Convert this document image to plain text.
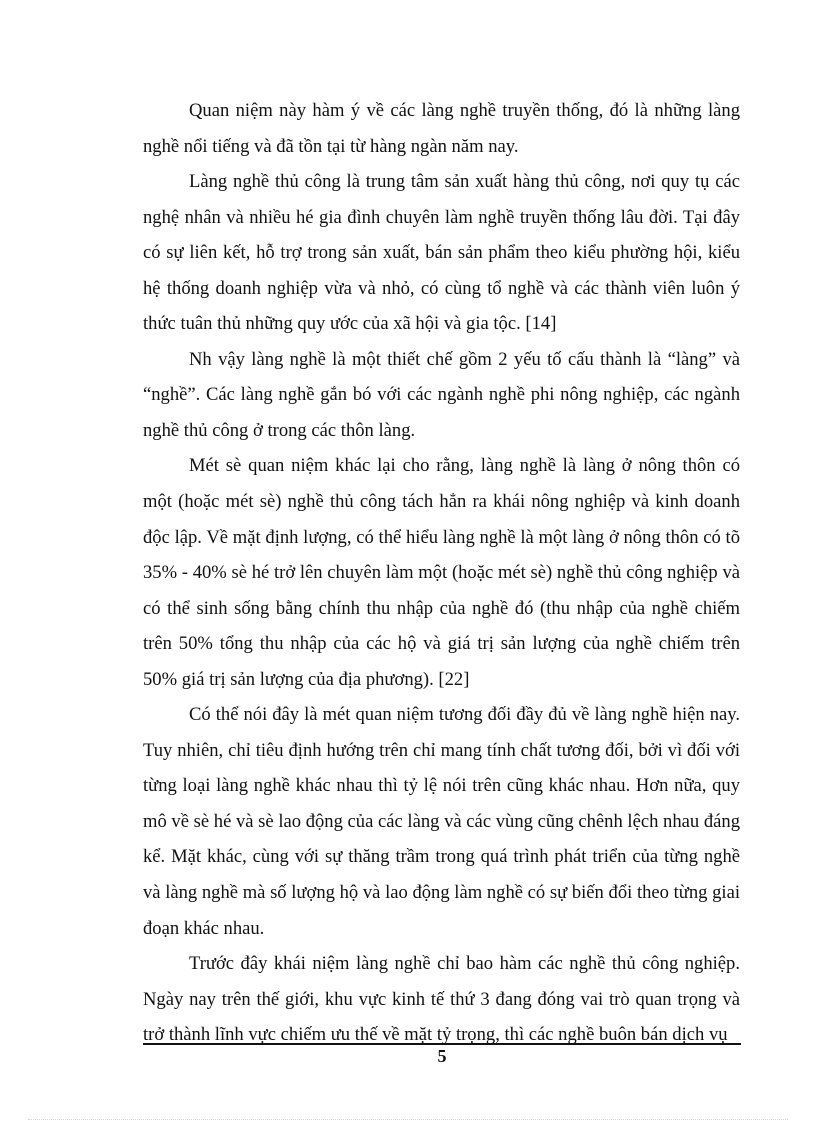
Quan niệm này hàm ý về các làng nghề truyền thống, đó là những làng nghề nổi tiếng và đã tồn tại từ hàng ngàn năm nay.

Làng nghề thủ công là trung tâm sản xuất hàng thủ công, nơi quy tụ các nghệ nhân và nhiều hé gia đình chuyên làm nghề truyền thống lâu đời. Tại đây có sự liên kết, hỗ trợ trong sản xuất, bán sản phẩm theo kiểu phường hội, kiểu hệ thống doanh nghiệp vừa và nhỏ, có cùng tổ nghề và các thành viên luôn ý thức tuân thủ những quy ước của xã hội và gia tộc. [14]

Nh vậy làng nghề là một thiết chế gồm 2 yếu tố cấu thành là “làng” và “nghề”. Các làng nghề gắn bó với các ngành nghề phi nông nghiệp, các ngành nghề thủ công ở trong các thôn làng.

Mét sè quan niệm khác lại cho rằng, làng nghề là làng ở nông thôn có một (hoặc mét sè) nghề thủ công tách hẳn ra khái nông nghiệp và kinh doanh độc lập. Về mặt định lượng, có thể hiểu làng nghề là một làng ở nông thôn có tõ 35% - 40% sè hé trở lên chuyên làm một (hoặc mét sè) nghề thủ công nghiệp và có thể sinh sống bằng chính thu nhập của nghề đó (thu nhập của nghề chiếm trên 50% tổng thu nhập của các hộ và giá trị sản lượng của nghề chiếm trên 50% giá trị sản lượng của địa phương). [22]

Có thể nói đây là mét quan niệm tương đối đầy đủ về làng nghề hiện nay. Tuy nhiên, chỉ tiêu định hướng trên chỉ mang tính chất tương đối, bởi vì đối với từng loại làng nghề khác nhau thì tỷ lệ nói trên cũng khác nhau. Hơn nữa, quy mô về sè hé và sè lao động của các làng và các vùng cũng chênh lệch nhau đáng kể. Mặt khác, cùng với sự thăng trầm trong quá trình phát triển của từng nghề và làng nghề mà số lượng hộ và lao động làm nghề có sự biến đổi theo từng giai đoạn khác nhau.

Trước đây khái niệm làng nghề chỉ bao hàm các nghề thủ công nghiệp. Ngày nay trên thế giới, khu vực kinh tế thứ 3 đang đóng vai trò quan trọng và trở thành lĩnh vực chiếm ưu thế về mặt tỷ trọng, thì các nghề buôn bán dịch vụ

5
